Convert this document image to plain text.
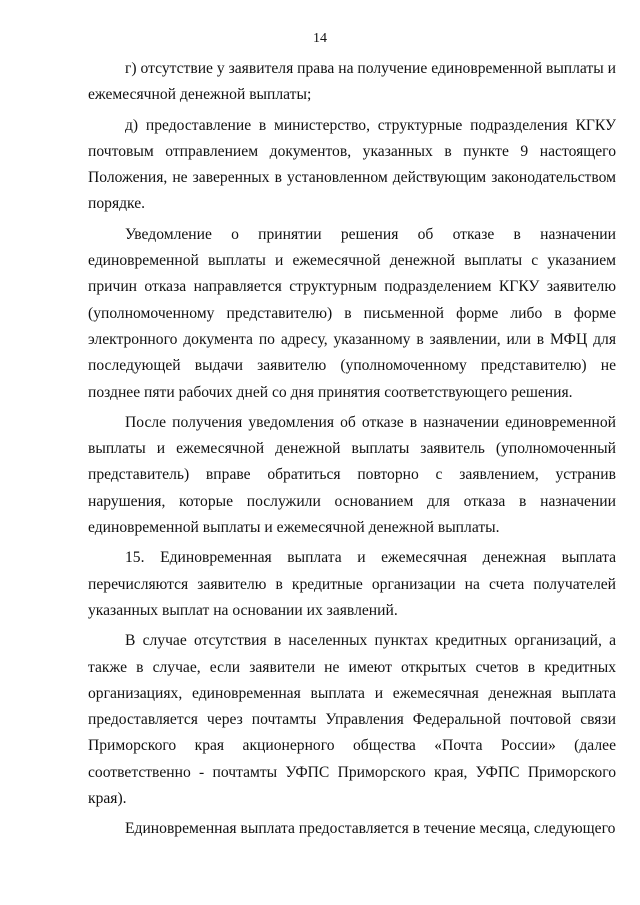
14

г) отсутствие у заявителя права на получение единовременной выплаты и ежемесячной денежной выплаты;

д) предоставление в министерство, структурные подразделения КГКУ почтовым отправлением документов, указанных в пункте 9 настоящего Положения, не заверенных в установленном действующим законодательством порядке.

Уведомление о принятии решения об отказе в назначении единовременной выплаты и ежемесячной денежной выплаты с указанием причин отказа направляется структурным подразделением КГКУ заявителю (уполномоченному представителю) в письменной форме либо в форме электронного документа по адресу, указанному в заявлении, или в МФЦ для последующей выдачи заявителю (уполномоченному представителю) не позднее пяти рабочих дней со дня принятия соответствующего решения.

После получения уведомления об отказе в назначении единовременной выплаты и ежемесячной денежной выплаты заявитель (уполномоченный представитель) вправе обратиться повторно с заявлением, устранив нарушения, которые послужили основанием для отказа в назначении единовременной выплаты и ежемесячной денежной выплаты.

15. Единовременная выплата и ежемесячная денежная выплата перечисляются заявителю в кредитные организации на счета получателей указанных выплат на основании их заявлений.

В случае отсутствия в населенных пунктах кредитных организаций, а также в случае, если заявители не имеют открытых счетов в кредитных организациях, единовременная выплата и ежемесячная денежная выплата предоставляется через почтамты Управления Федеральной почтовой связи Приморского края акционерного общества «Почта России» (далее соответственно - почтамты УФПС Приморского края, УФПС Приморского края).

Единовременная выплата предоставляется в течение месяца, следующего
